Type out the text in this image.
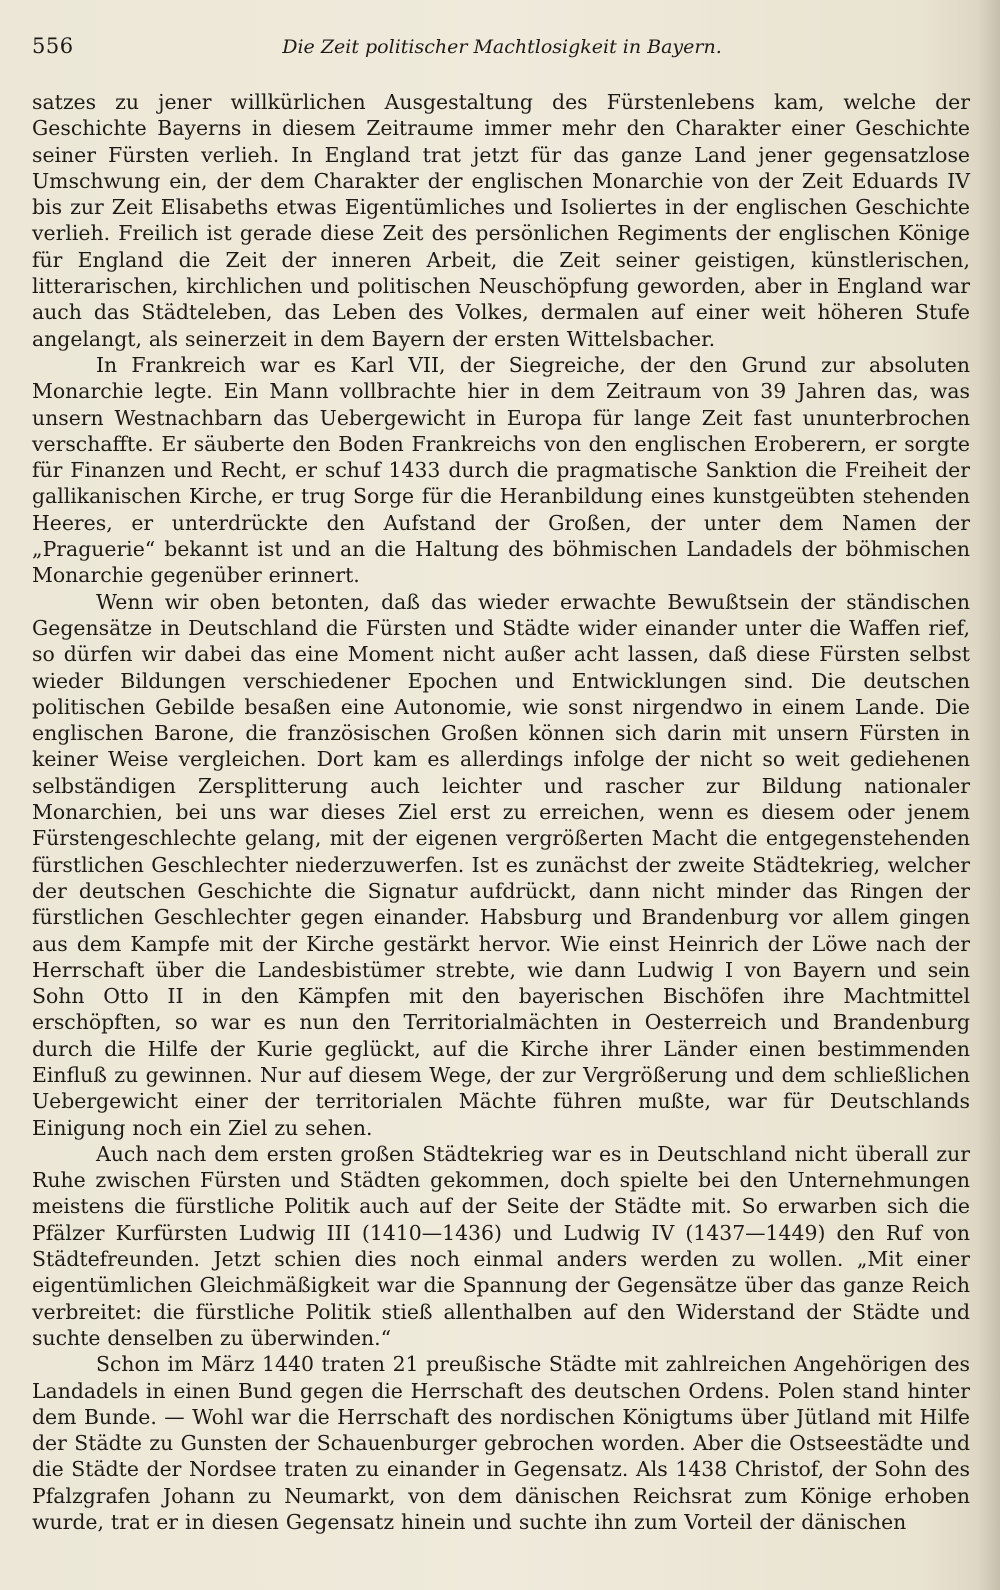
556	Die Zeit politischer Machtlosigkeit in Bayern.

satzes zu jener willkürlichen Ausgestaltung des Fürstenlebens kam, welche der Geschichte Bayerns in diesem Zeitraume immer mehr den Charakter einer Geschichte seiner Fürsten verlieh. In England trat jetzt für das ganze Land jener gegensatzlose Umschwung ein, der dem Charakter der englischen Monarchie von der Zeit Eduards IV bis zur Zeit Elisabeths etwas Eigentümliches und Isoliertes in der englischen Geschichte verlieh. Freilich ist gerade diese Zeit des persönlichen Regiments der englischen Könige für England die Zeit der inneren Arbeit, die Zeit seiner geistigen, künstlerischen, litterarischen, kirchlichen und politischen Neuschöpfung geworden, aber in England war auch das Städteleben, das Leben des Volkes, dermalen auf einer weit höheren Stufe angelangt, als seinerzeit in dem Bayern der ersten Wittelsbacher.

In Frankreich war es Karl VII, der Siegreiche, der den Grund zur absoluten Monarchie legte. Ein Mann vollbrachte hier in dem Zeitraum von 39 Jahren das, was unsern Westnachbarn das Uebergewicht in Europa für lange Zeit fast ununterbrochen verschaffte. Er säuberte den Boden Frankreichs von den englischen Eroberern, er sorgte für Finanzen und Recht, er schuf 1433 durch die pragmatische Sanktion die Freiheit der gallikanischen Kirche, er trug Sorge für die Heranbildung eines kunstgeübten stehenden Heeres, er unterdrückte den Aufstand der Großen, der unter dem Namen der „Praguerie“ bekannt ist und an die Haltung des böhmischen Landadels der böhmischen Monarchie gegenüber erinnert.

Wenn wir oben betonten, daß das wieder erwachte Bewußtsein der ständischen Gegensätze in Deutschland die Fürsten und Städte wider einander unter die Waffen rief, so dürfen wir dabei das eine Moment nicht außer acht lassen, daß diese Fürsten selbst wieder Bildungen verschiedener Epochen und Entwicklungen sind. Die deutschen politischen Gebilde besaßen eine Autonomie, wie sonst nirgendwo in einem Lande. Die englischen Barone, die französischen Großen können sich darin mit unsern Fürsten in keiner Weise vergleichen. Dort kam es allerdings infolge der nicht so weit gediehenen selbständigen Zersplitterung auch leichter und rascher zur Bildung nationaler Monarchien, bei uns war dieses Ziel erst zu erreichen, wenn es diesem oder jenem Fürstengeschlechte gelang, mit der eigenen vergrößerten Macht die entgegenstehenden fürstlichen Geschlechter niederzuwerfen. Ist es zunächst der zweite Städtekrieg, welcher der deutschen Geschichte die Signatur aufdrückt, dann nicht minder das Ringen der fürstlichen Geschlechter gegen einander. Habsburg und Brandenburg vor allem gingen aus dem Kampfe mit der Kirche gestärkt hervor. Wie einst Heinrich der Löwe nach der Herrschaft über die Landesbistümer strebte, wie dann Ludwig I von Bayern und sein Sohn Otto II in den Kämpfen mit den bayerischen Bischöfen ihre Machtmittel erschöpften, so war es nun den Territorialmächten in Oesterreich und Brandenburg durch die Hilfe der Kurie geglückt, auf die Kirche ihrer Länder einen bestimmenden Einfluß zu gewinnen. Nur auf diesem Wege, der zur Vergrößerung und dem schließlichen Uebergewicht einer der territorialen Mächte führen mußte, war für Deutschlands Einigung noch ein Ziel zu sehen.

Auch nach dem ersten großen Städtekrieg war es in Deutschland nicht überall zur Ruhe zwischen Fürsten und Städten gekommen, doch spielte bei den Unternehmungen meistens die fürstliche Politik auch auf der Seite der Städte mit. So erwarben sich die Pfälzer Kurfürsten Ludwig III (1410—1436) und Ludwig IV (1437—1449) den Ruf von Städtefreunden. Jetzt schien dies noch einmal anders werden zu wollen. „Mit einer eigentümlichen Gleichmäßigkeit war die Spannung der Gegensätze über das ganze Reich verbreitet: die fürstliche Politik stieß allenthalben auf den Widerstand der Städte und suchte denselben zu überwinden.“

Schon im März 1440 traten 21 preußische Städte mit zahlreichen Angehörigen des Landadels in einen Bund gegen die Herrschaft des deutschen Ordens. Polen stand hinter dem Bunde. — Wohl war die Herrschaft des nordischen Königtums über Jütland mit Hilfe der Städte zu Gunsten der Schauenburger gebrochen worden. Aber die Ostseestädte und die Städte der Nordsee traten zu einander in Gegensatz. Als 1438 Christof, der Sohn des Pfalzgrafen Johann zu Neumarkt, von dem dänischen Reichsrat zum Könige erhoben wurde, trat er in diesen Gegensatz hinein und suchte ihn zum Vorteil der dänischen
